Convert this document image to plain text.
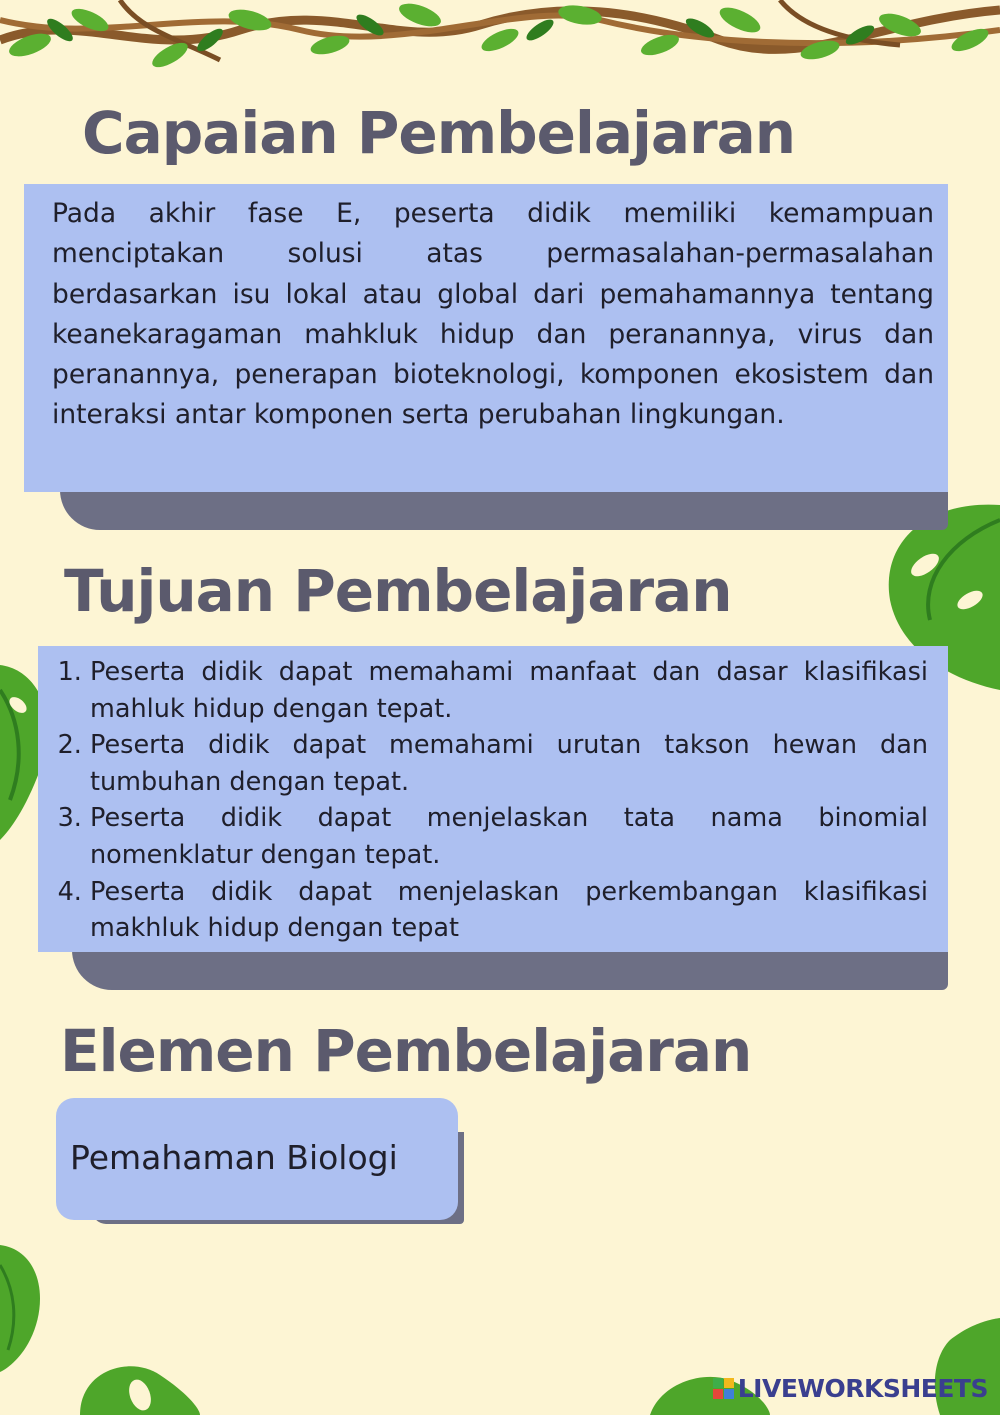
Capaian Pembelajaran

Pada akhir fase E, peserta didik memiliki kemampuan menciptakan solusi atas permasalahan-permasalahan berdasarkan isu lokal atau global dari pemahamannya tentang keanekaragaman mahkluk hidup dan peranannya, virus dan peranannya, penerapan bioteknologi, komponen ekosistem dan interaksi antar komponen serta perubahan lingkungan.

Tujuan Pembelajaran
1. Peserta didik dapat memahami manfaat dan dasar klasifikasi mahluk hidup dengan tepat.
2. Peserta didik dapat memahami urutan takson hewan dan tumbuhan dengan tepat.
3. Peserta didik dapat menjelaskan tata nama binomial nomenklatur dengan tepat.
4. Peserta didik dapat menjelaskan perkembangan klasifikasi makhluk hidup dengan tepat
Elemen Pembelajaran
Pemahaman Biologi
LIVEWORKSHEETS
